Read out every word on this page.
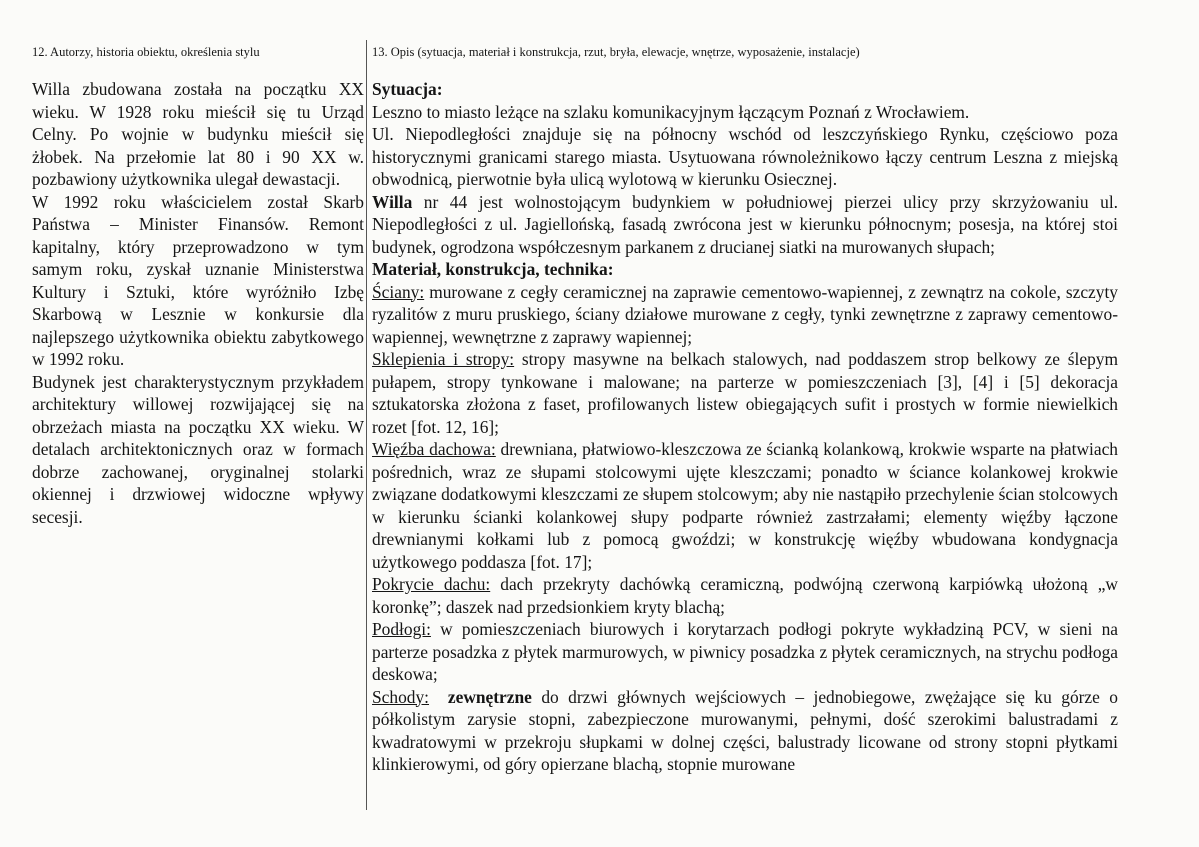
12. Autorzy, historia obiektu, określenia stylu	13. Opis (sytuacja, materiał i konstrukcja, rzut, bryła, elewacje, wnętrze, wyposażenie, instalacje)

Willa zbudowana została na początku XX wieku. W 1928 roku mieścił się tu Urząd Celny. Po wojnie w budynku mieścił się żłobek. Na przełomie lat 80 i 90 XX w. pozbawiony użytkownika ulegał dewastacji.

W 1992 roku właścicielem został Skarb Państwa – Minister Finansów. Remont kapitalny, który przeprowadzono w tym samym roku, zyskał uznanie Ministerstwa Kultury i Sztuki, które wyróżniło Izbę Skarbową w Lesznie w konkursie dla najlepszego użytkownika obiektu zabytkowego w 1992 roku.

Budynek jest charakterystycznym przykładem architektury willowej rozwijającej się na obrzeżach miasta na początku XX wieku. W detalach architektonicznych oraz w formach dobrze zachowanej, oryginalnej stolarki okiennej i drzwiowej widoczne wpływy secesji.

Sytuacja:

Leszno to miasto leżące na szlaku komunikacyjnym łączącym Poznań z Wrocławiem.

Ul. Niepodległości znajduje się na północny wschód od leszczyńskiego Rynku, częściowo poza historycznymi granicami starego miasta. Usytuowana równoleżnikowo łączy centrum Leszna z miejską obwodnicą, pierwotnie była ulicą wylotową w kierunku Osiecznej.

Willa nr 44 jest wolnostojącym budynkiem w południowej pierzei ulicy przy skrzyżowaniu ul. Niepodległości z ul. Jagiellońską, fasadą zwrócona jest w kierunku północnym; posesja, na której stoi budynek, ogrodzona współczesnym parkanem z drucianej siatki na murowanych słupach;

Materiał, konstrukcja, technika:

Ściany: murowane z cegły ceramicznej na zaprawie cementowo-wapiennej, z zewnątrz na cokole, szczyty ryzalitów z muru pruskiego, ściany działowe murowane z cegły, tynki zewnętrzne z zaprawy cementowo-wapiennej, wewnętrzne z zaprawy wapiennej;

Sklepienia i stropy: stropy masywne na belkach stalowych, nad poddaszem strop belkowy ze ślepym pułapem, stropy tynkowane i malowane; na parterze w pomieszczeniach [3], [4] i [5] dekoracja sztukatorska złożona z faset, profilowanych listew obiegających sufit i prostych w formie niewielkich rozet [fot. 12, 16];

Więźba dachowa: drewniana, płatwiowo-kleszczowa ze ścianką kolankową, krokwie wsparte na płatwiach pośrednich, wraz ze słupami stolcowymi ujęte kleszczami; ponadto w ściance kolankowej krokwie związane dodatkowymi kleszczami ze słupem stolcowym; aby nie nastąpiło przechylenie ścian stolcowych w kierunku ścianki kolankowej słupy podparte również zastrzałami; elementy więźby łączone drewnianymi kołkami lub z pomocą gwoździ; w konstrukcję więźby wbudowana kondygnacja użytkowego poddasza [fot. 17];

Pokrycie dachu: dach przekryty dachówką ceramiczną, podwójną czerwoną karpiówką ułożoną „w koronkę”; daszek nad przedsionkiem kryty blachą;

Podłogi: w pomieszczeniach biurowych i korytarzach podłogi pokryte wykładziną PCV, w sieni na parterze posadzka z płytek marmurowych, w piwnicy posadzka z płytek ceramicznych, na strychu podłoga deskowa;

Schody: zewnętrzne do drzwi głównych wejściowych – jednobiegowe, zwężające się ku górze o półkolistym zarysie stopni, zabezpieczone murowanymi, pełnymi, dość szerokimi balustradami z kwadratowymi w przekroju słupkami w dolnej części, balustrady licowane od strony stopni płytkami klinkierowymi, od góry opierzane blachą, stopnie murowane
